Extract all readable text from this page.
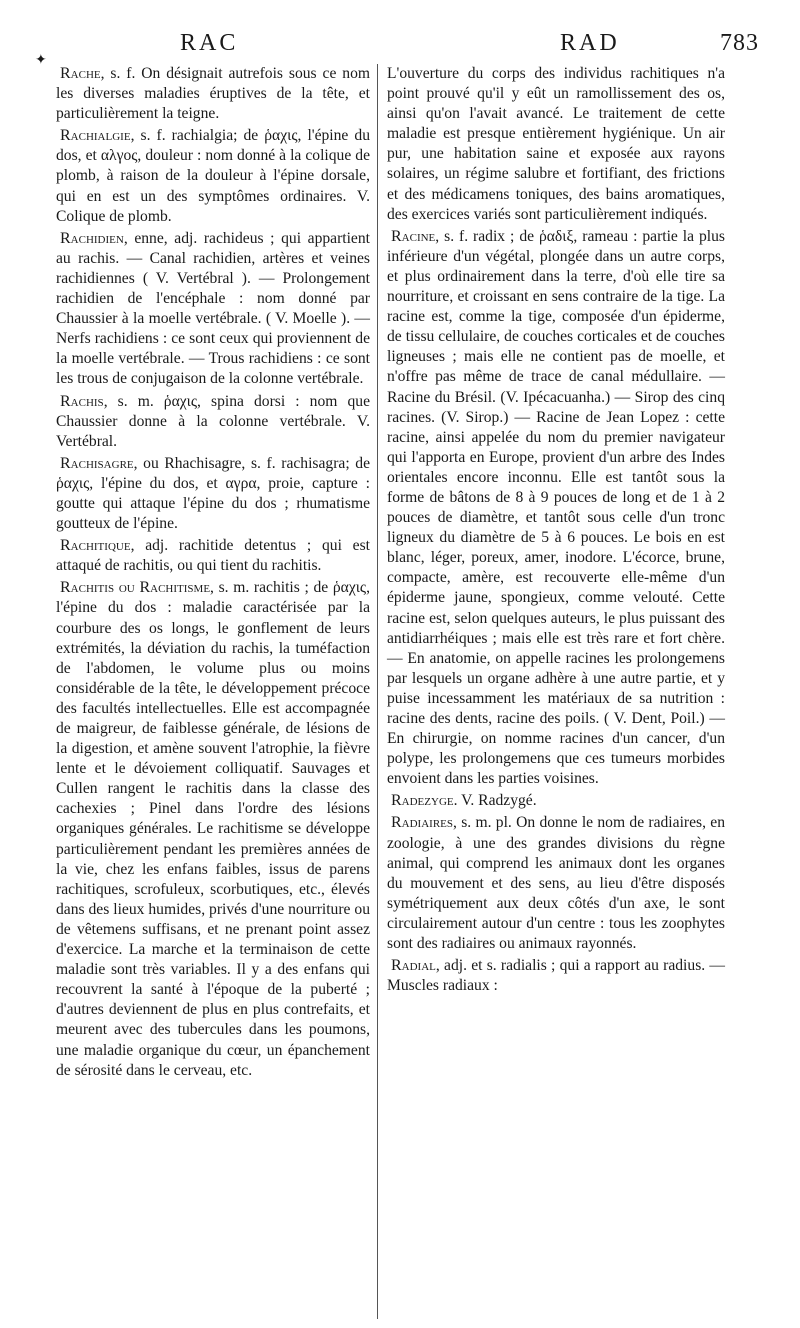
RAC	RAD	783
✦

Rache, s. f. On désignait autrefois sous ce nom les diverses maladies éruptives de la tête, et particulièrement la teigne.

Rachialgie, s. f. rachialgia; de ῥαχις, l'épine du dos, et αλγος, douleur : nom donné à la colique de plomb, à raison de la douleur à l'épine dorsale, qui en est un des symptômes ordinaires. V. Colique de plomb.

Rachidien, enne, adj. rachideus ; qui appartient au rachis. — Canal rachidien, artères et veines rachidiennes ( V. Vertébral ). — Prolongement rachidien de l'encéphale : nom donné par Chaussier à la moelle vertébrale. ( V. Moelle ). — Nerfs rachidiens : ce sont ceux qui proviennent de la moelle vertébrale. — Trous rachidiens : ce sont les trous de conjugaison de la colonne vertébrale.

Rachis, s. m. ῥαχις, spina dorsi : nom que Chaussier donne à la colonne vertébrale. V. Vertébral.

Rachisagre, ou Rhachisagre, s. f. rachisagra; de ῥαχις, l'épine du dos, et αγρα, proie, capture : goutte qui attaque l'épine du dos ; rhumatisme goutteux de l'épine.

Rachitique, adj. rachitide detentus ; qui est attaqué de rachitis, ou qui tient du rachitis.

Rachitis ou Rachitisme, s. m. rachitis ; de ῥαχις, l'épine du dos : maladie caractérisée par la courbure des os longs, le gonflement de leurs extrémités, la déviation du rachis, la tuméfaction de l'abdomen, le volume plus ou moins considérable de la tête, le développement précoce des facultés intellectuelles. Elle est accompagnée de maigreur, de faiblesse générale, de lésions de la digestion, et amène souvent l'atrophie, la fièvre lente et le dévoiement colliquatif. Sauvages et Cullen rangent le rachitis dans la classe des cachexies ; Pinel dans l'ordre des lésions organiques générales. Le rachitisme se développe particulièrement pendant les premières années de la vie, chez les enfans faibles, issus de parens rachitiques, scrofuleux, scorbutiques, etc., élevés dans des lieux humides, privés d'une nourriture ou de vêtemens suffisans, et ne prenant point assez d'exercice. La marche et la terminaison de cette maladie sont très variables. Il y a des enfans qui recouvrent la santé à l'époque de la puberté ; d'autres deviennent de plus en plus contrefaits, et meurent avec des tubercules dans les poumons, une maladie organique du cœur, un épanchement de sérosité dans le cerveau, etc.

L'ouverture du corps des individus rachitiques n'a point prouvé qu'il y eût un ramollissement des os, ainsi qu'on l'avait avancé. Le traitement de cette maladie est presque entièrement hygiénique. Un air pur, une habitation saine et exposée aux rayons solaires, un régime salubre et fortifiant, des frictions et des médicamens toniques, des bains aromatiques, des exercices variés sont particulièrement indiqués.

Racine, s. f. radix ; de ῥαδιξ, rameau : partie la plus inférieure d'un végétal, plongée dans un autre corps, et plus ordinairement dans la terre, d'où elle tire sa nourriture, et croissant en sens contraire de la tige. La racine est, comme la tige, composée d'un épiderme, de tissu cellulaire, de couches corticales et de couches ligneuses ; mais elle ne contient pas de moelle, et n'offre pas même de trace de canal médullaire. — Racine du Brésil. (V. Ipécacuanha.) — Sirop des cinq racines. (V. Sirop.) — Racine de Jean Lopez : cette racine, ainsi appelée du nom du premier navigateur qui l'apporta en Europe, provient d'un arbre des Indes orientales encore inconnu. Elle est tantôt sous la forme de bâtons de 8 à 9 pouces de long et de 1 à 2 pouces de diamètre, et tantôt sous celle d'un tronc ligneux du diamètre de 5 à 6 pouces. Le bois en est blanc, léger, poreux, amer, inodore. L'écorce, brune, compacte, amère, est recouverte elle-même d'un épiderme jaune, spongieux, comme velouté. Cette racine est, selon quelques auteurs, le plus puissant des antidiarrhéiques ; mais elle est très rare et fort chère. — En anatomie, on appelle racines les prolongemens par lesquels un organe adhère à une autre partie, et y puise incessamment les matériaux de sa nutrition : racine des dents, racine des poils. ( V. Dent, Poil.) — En chirurgie, on nomme racines d'un cancer, d'un polype, les prolongemens que ces tumeurs morbides envoient dans les parties voisines.

Radezyge. V. Radzygé.

Radiaires, s. m. pl. On donne le nom de radiaires, en zoologie, à une des grandes divisions du règne animal, qui comprend les animaux dont les organes du mouvement et des sens, au lieu d'être disposés symétriquement aux deux côtés d'un axe, le sont circulairement autour d'un centre : tous les zoophytes sont des radiaires ou animaux rayonnés.

Radial, adj. et s. radialis ; qui a rapport au radius. — Muscles radiaux :
